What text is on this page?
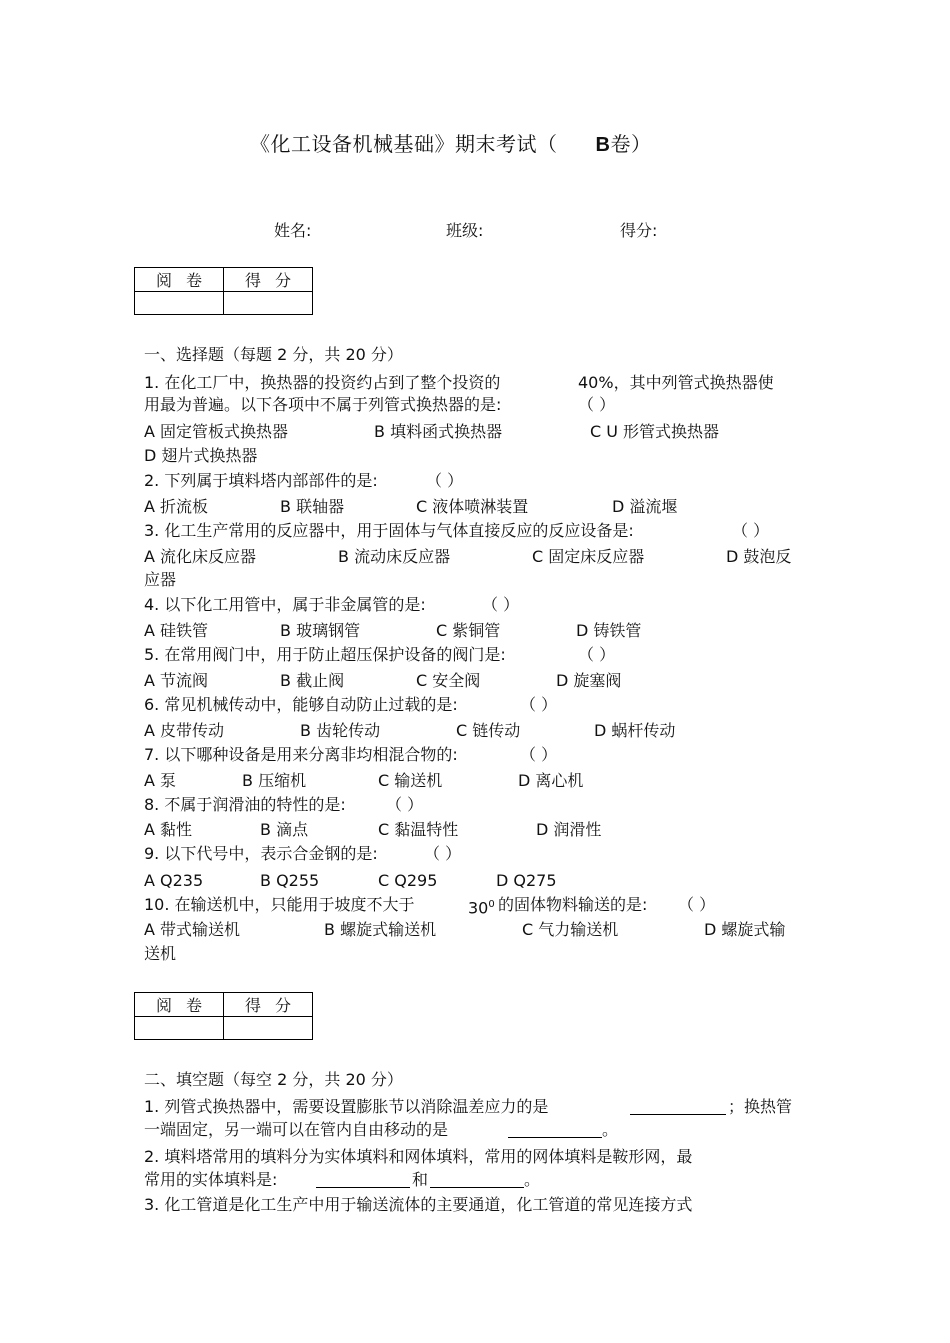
《化工设备机械基础》期末考试（ B卷）
姓名:	班级:	得分:
阅卷	得分

一、选择题（每题 2 分，共 20 分）
1. 在化工厂中，换热器的投资约占到了整个投资的	40%，其中列管式换热器使
用最为普遍。以下各项中不属于列管式换热器的是:	（ ）
A 固定管板式换热器	B 填料函式换热器	C U 形管式换热器
D 翅片式换热器
2. 下列属于填料塔内部部件的是:	（ ）
A 折流板	B 联轴器	C 液体喷淋装置	D 溢流堰
3. 化工生产常用的反应器中，用于固体与气体直接反应的反应设备是:	（ ）
A 流化床反应器	B 流动床反应器	C 固定床反应器	D 鼓泡反
应器
4. 以下化工用管中，属于非金属管的是:	（ ）
A 硅铁管	B 玻璃钢管	C 紫铜管	D 铸铁管
5. 在常用阀门中，用于防止超压保护设备的阀门是:	（ ）
A 节流阀	B 截止阀	C 安全阀	D 旋塞阀
6. 常见机械传动中，能够自动防止过载的是:	（ ）
A 皮带传动	B 齿轮传动	C 链传动	D 蜗杆传动
7. 以下哪种设备是用来分离非均相混合物的:	（ ）
A 泵	B 压缩机	C 输送机	D 离心机
8. 不属于润滑油的特性的是:	（ ）
A 黏性	B 滴点	C 黏温特性	D 润滑性
9. 以下代号中，表示合金钢的是:	（ ）
A Q235	B Q255	C Q295	D Q275
10. 在输送机中，只能用于坡度不大于	$30^0$ 的固体物料输送的是: （ ）
A 带式输送机	B 螺旋式输送机	C 气力输送机	D 螺旋式输
送机
阅卷	得分

二、填空题（每空 2 分，共 20 分）
1. 列管式换热器中，需要设置膨胀节以消除温差应力的是	；换热管
一端固定，另一端可以在管内自由移动的是	。
2. 填料塔常用的填料分为实体填料和网体填料，常用的网体填料是鞍形网，最
常用的实体填料是:	和	。
3. 化工管道是化工生产中用于输送流体的主要通道，化工管道的常见连接方式
